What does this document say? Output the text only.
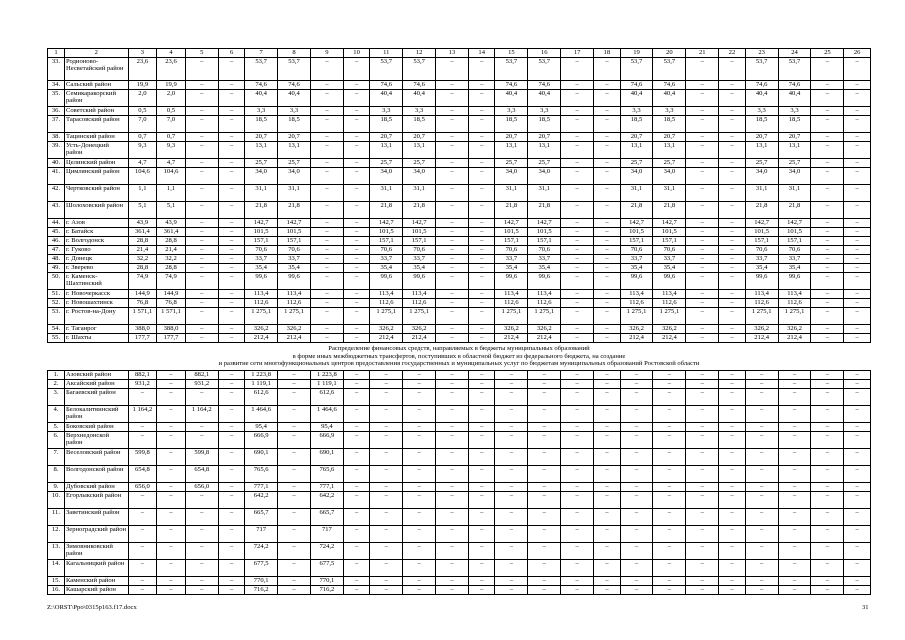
1	2	3	4	5	6	7	8	9	10	11	12	13	14	15	16	17	18	19	20	21	22	23	24	25	26
33.	Родионово-Несветайский район	23,6	23,6	–	–	53,7	53,7	–	–	53,7	53,7	–	–	53,7	53,7	–	–	53,7	53,7	–	–	53,7	53,7	–	–
34.	Сальский район	19,9	19,9	–	–	74,6	74,6	–	–	74,6	74,6	–	–	74,6	74,6	–	–	74,6	74,6	–	–	74,6	74,6	–	–
35.	Семикаракорский район	2,0	2,0	–	–	40,4	40,4	–	–	40,4	40,4	–	–	40,4	40,4	–	–	40,4	40,4	–	–	40,4	40,4	–	–
36.	Советский район	0,5	0,5	–	–	3,3	3,3	–	–	3,3	3,3	–	–	3,3	3,3	–	–	3,3	3,3	–	–	3,3	3,3	–	–
37.	Тарасовский район	7,0	7,0	–	–	18,5	18,5	–	–	18,5	18,5	–	–	18,5	18,5	–	–	18,5	18,5	–	–	18,5	18,5	–	–
38.	Тацинский район	0,7	0,7	–	–	20,7	20,7	–	–	20,7	20,7	–	–	20,7	20,7	–	–	20,7	20,7	–	–	20,7	20,7	–	–
39.	Усть-Донецкий район	9,3	9,3	–	–	13,1	13,1	–	–	13,1	13,1	–	–	13,1	13,1	–	–	13,1	13,1	–	–	13,1	13,1	–	–
40.	Целинский район	4,7	4,7	–	–	25,7	25,7	–	–	25,7	25,7	–	–	25,7	25,7	–	–	25,7	25,7	–	–	25,7	25,7	–	–
41.	Цимлянский район	104,6	104,6	–	–	34,0	34,0	–	–	34,0	34,0	–	–	34,0	34,0	–	–	34,0	34,0	–	–	34,0	34,0	–	–
42.	Чертковский район	1,1	1,1	–	–	31,1	31,1	–	–	31,1	31,1	–	–	31,1	31,1	–	–	31,1	31,1	–	–	31,1	31,1	–	–
43.	Шолоховский район	5,1	5,1	–	–	21,8	21,8	–	–	21,8	21,8	–	–	21,8	21,8	–	–	21,8	21,8	–	–	21,8	21,8	–	–
44.	г. Азов	43,9	43,9	–	–	142,7	142,7	–	–	142,7	142,7	–	–	142,7	142,7	–	–	142,7	142,7	–	–	142,7	142,7	–	–
45.	г. Батайск	361,4	361,4	–	–	101,5	101,5	–	–	101,5	101,5	–	–	101,5	101,5	–	–	101,5	101,5	–	–	101,5	101,5	–	–
46.	г. Волгодонск	28,8	28,8	–	–	157,1	157,1	–	–	157,1	157,1	–	–	157,1	157,1	–	–	157,1	157,1	–	–	157,1	157,1	–	–
47.	г. Гуково	21,4	21,4	–	–	70,6	70,6	–	–	70,6	70,6	–	–	70,6	70,6	–	–	70,6	70,6	–	–	70,6	70,6	–	–
48.	г. Донецк	32,2	32,2	–	–	33,7	33,7	–	–	33,7	33,7	–	–	33,7	33,7	–	–	33,7	33,7	–	–	33,7	33,7	–	–
49.	г. Зверево	28,8	28,8	–	–	35,4	35,4	–	–	35,4	35,4	–	–	35,4	35,4	–	–	35,4	35,4	–	–	35,4	35,4	–	–
50.	г. Каменск-Шахтинский	74,9	74,9	–	–	99,6	99,6	–	–	99,6	99,6	–	–	99,6	99,6	–	–	99,6	99,6	–	–	99,6	99,6	–	–
51.	г. Новочеркасск	144,9	144,9	–	–	113,4	113,4	–	–	113,4	113,4	–	–	113,4	113,4	–	–	113,4	113,4	–	–	113,4	113,4	–	–
52.	г. Новошахтинск	76,8	76,8	–	–	112,6	112,6	–	–	112,6	112,6	–	–	112,6	112,6	–	–	112,6	112,6	–	–	112,6	112,6	–	–
53.	г. Ростов-на-Дону	1 571,1	1 571,1	–	–	1 275,1	1 275,1	–	–	1 275,1	1 275,1	–	–	1 275,1	1 275,1	–	–	1 275,1	1 275,1	–	–	1 275,1	1 275,1	–	–
54.	г. Таганрог	388,0	388,0	–	–	326,2	326,2	–	–	326,2	326,2	–	–	326,2	326,2	–	–	326,2	326,2	–	–	326,2	326,2	–	–
55.	г. Шахты	177,7	177,7	–	–	212,4	212,4	–	–	212,4	212,4	–	–	212,4	212,4	–	–	212,4	212,4	–	–	212,4	212,4	–	–

Распределение финансовых средств, направляемых в бюджеты муниципальных образований
в форме иных межбюджетных трансфертов, поступивших в областной бюджет из федерального бюджета, на создание
и развитие сети многофункциональных центров предоставления государственных и муниципальных услуг по бюджетам муниципальных образований Ростовской области																									

1.	Азовский район	882,1	–	882,1	–	1 223,8	–	1 223,8	–	–	–	–	–	–	–	–	–	–	–	–	–	–	–	–	–
2.	Аксайский район	931,2	–	931,2	–	1 119,1	–	1 119,1	–	–	–	–	–	–	–	–	–	–	–	–	–	–	–	–	–
3.	Багаевский район	–	–	–	–	612,6	–	612,6	–	–	–	–	–	–	–	–	–	–	–	–	–	–	–	–	–
4.	Белокалитвинский район	1 164,2	–	1 164,2	–	1 464,6	–	1 464,6	–	–	–	–	–	–	–	–	–	–	–	–	–	–	–	–	–
5.	Боковский район	–	–	–	–	95,4	–	95,4	–	–	–	–	–	–	–	–	–	–	–	–	–	–	–	–	–
6.	Верхнедонской район	–	–	–	–	666,9	–	666,9	–	–	–	–	–	–	–	–	–	–	–	–	–	–	–	–	–
7.	Веселовский район	599,8	–	599,8	–	690,1	–	690,1	–	–	–	–	–	–	–	–	–	–	–	–	–	–	–	–	–
8.	Волгодонской район	654,8	–	654,8	–	765,6	–	765,6	–	–	–	–	–	–	–	–	–	–	–	–	–	–	–	–	–
9.	Дубовский район	656,0	–	656,0	–	777,1	–	777,1	–	–	–	–	–	–	–	–	–	–	–	–	–	–	–	–	–
10.	Егорлыкский район	–	–	–	–	642,2	–	642,2	–	–	–	–	–	–	–	–	–	–	–	–	–	–	–	–	–
11.	Заветинский район	–	–	–	–	665,7	–	665,7	–	–	–	–	–	–	–	–	–	–	–	–	–	–	–	–	–
12.	Зерноградский район	–	–	–	–	717	–	717	–	–	–	–	–	–	–	–	–	–	–	–	–	–	–	–	–
13.	Зимовниковский район	–	–	–	–	724,2	–	724,2	–	–	–	–	–	–	–	–	–	–	–	–	–	–	–	–	–
14.	Кагальницкий район	–	–	–	–	677,5	–	677,5	–	–	–	–	–	–	–	–	–	–	–	–	–	–	–	–	–
15.	Каменский район	–	–	–	–	770,1	–	770,1	–	–	–	–	–	–	–	–	–	–	–	–	–	–	–	–	–
16.	Кашарский район	–	–	–	–	716,2	–	716,2	–	–	–	–	–	–	–	–	–	–	–	–	–	–	–	–	–
Z:\ORST\Ppo\0315p163.f17.docx	31
